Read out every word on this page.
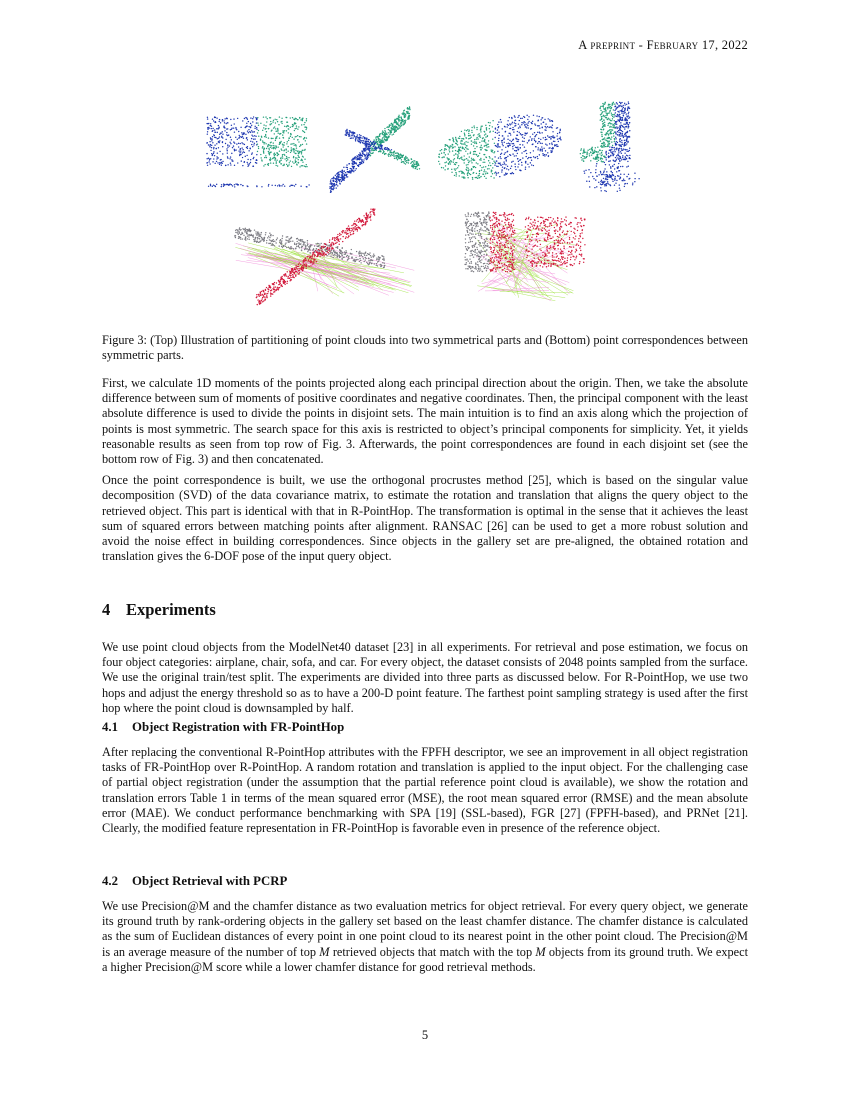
A preprint - February 17, 2022
Figure 3: (Top) Illustration of partitioning of point clouds into two symmetrical parts and (Bottom) point correspondences between symmetric parts.

First, we calculate 1D moments of the points projected along each principal direction about the origin. Then, we take the absolute difference between sum of moments of positive coordinates and negative coordinates. Then, the principal component with the least absolute difference is used to divide the points in disjoint sets. The main intuition is to find an axis along which the projection of points is most symmetric. The search space for this axis is restricted to object’s principal components for simplicity. Yet, it yields reasonable results as seen from top row of Fig. 3. Afterwards, the point correspondences are found in each disjoint set (see the bottom row of Fig. 3) and then concatenated.

Once the point correspondence is built, we use the orthogonal procrustes method [25], which is based on the singular value decomposition (SVD) of the data covariance matrix, to estimate the rotation and translation that aligns the query object to the retrieved object. This part is identical with that in R-PointHop. The transformation is optimal in the sense that it achieves the least sum of squared errors between matching points after alignment. RANSAC [26] can be used to get a more robust solution and avoid the noise effect in building correspondences. Since objects in the gallery set are pre-aligned, the obtained rotation and translation gives the 6-DOF pose of the input query object.

4 Experiments

We use point cloud objects from the ModelNet40 dataset [23] in all experiments. For retrieval and pose estimation, we focus on four object categories: airplane, chair, sofa, and car. For every object, the dataset consists of 2048 points sampled from the surface. We use the original train/test split. The experiments are divided into three parts as discussed below. For R-PointHop, we use two hops and adjust the energy threshold so as to have a 200-D point feature. The farthest point sampling strategy is used after the first hop where the point cloud is downsampled by half.

4.1 Object Registration with FR-PointHop

After replacing the conventional R-PointHop attributes with the FPFH descriptor, we see an improvement in all object registration tasks of FR-PointHop over R-PointHop. A random rotation and translation is applied to the input object. For the challenging case of partial object registration (under the assumption that the partial reference point cloud is available), we show the rotation and translation errors Table 1 in terms of the mean squared error (MSE), the root mean squared error (RMSE) and the mean absolute error (MAE). We conduct performance benchmarking with SPA [19] (SSL-based), FGR [27] (FPFH-based), and PRNet [21]. Clearly, the modified feature representation in FR-PointHop is favorable even in presence of the reference object.

4.2 Object Retrieval with PCRP

We use Precision@M and the chamfer distance as two evaluation metrics for object retrieval. For every query object, we generate its ground truth by rank-ordering objects in the gallery set based on the least chamfer distance. The chamfer distance is calculated as the sum of Euclidean distances of every point in one point cloud to its nearest point in the other point cloud. The Precision@M is an average measure of the number of top M retrieved objects that match with the top M objects from its ground truth. We expect a higher Precision@M score while a lower chamfer distance for good retrieval methods.

5
